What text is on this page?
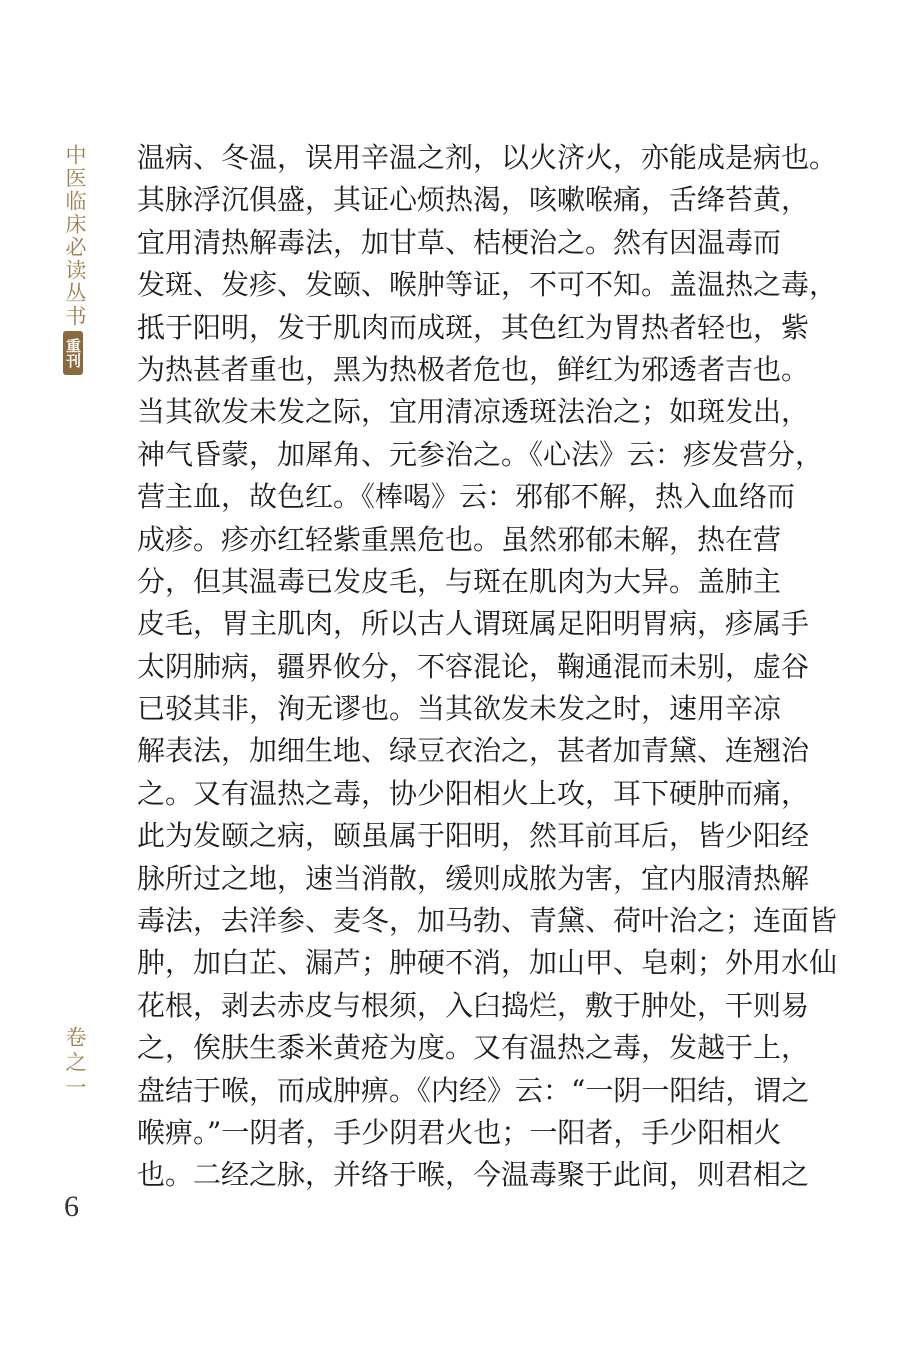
中医临床必读丛书
重刊
卷之一
6
温病、冬温，误用辛温之剂，以火济火，亦能成是病也。
其脉浮沉俱盛，其证心烦热渴，咳嗽喉痛，舌绛苔黄，
宜用清热解毒法，加甘草、桔梗治之。然有因温毒而
发斑、发疹、发颐、喉肿等证，不可不知。盖温热之毒，
抵于阳明，发于肌肉而成斑，其色红为胃热者轻也，紫
为热甚者重也，黑为热极者危也，鲜红为邪透者吉也。
当其欲发未发之际，宜用清凉透斑法治之；如斑发出，
神气昏蒙，加犀角、元参治之。《心法》云：疹发营分，
营主血，故色红。《棒喝》云：邪郁不解，热入血络而
成疹。疹亦红轻紫重黑危也。虽然邪郁未解，热在营
分，但其温毒已发皮毛，与斑在肌肉为大异。盖肺主
皮毛，胃主肌肉，所以古人谓斑属足阳明胃病，疹属手
太阴肺病，疆界攸分，不容混论，鞠通混而未别，虚谷
已驳其非，洵无谬也。当其欲发未发之时，速用辛凉
解表法，加细生地、绿豆衣治之，甚者加青黛、连翘治
之。又有温热之毒，协少阳相火上攻，耳下硬肿而痛，
此为发颐之病，颐虽属于阳明，然耳前耳后，皆少阳经
脉所过之地，速当消散，缓则成脓为害，宜内服清热解
毒法，去洋参、麦冬，加马勃、青黛、荷叶治之；连面皆
肿，加白芷、漏芦；肿硬不消，加山甲、皂刺；外用水仙
花根，剥去赤皮与根须，入臼捣烂，敷于肿处，干则易
之，俟肤生黍米黄疮为度。又有温热之毒，发越于上，
盘结于喉，而成肿痹。《内经》云：“一阴一阳结，谓之
喉痹。”一阴者，手少阴君火也；一阳者，手少阳相火
也。二经之脉，并络于喉，今温毒聚于此间，则君相之
